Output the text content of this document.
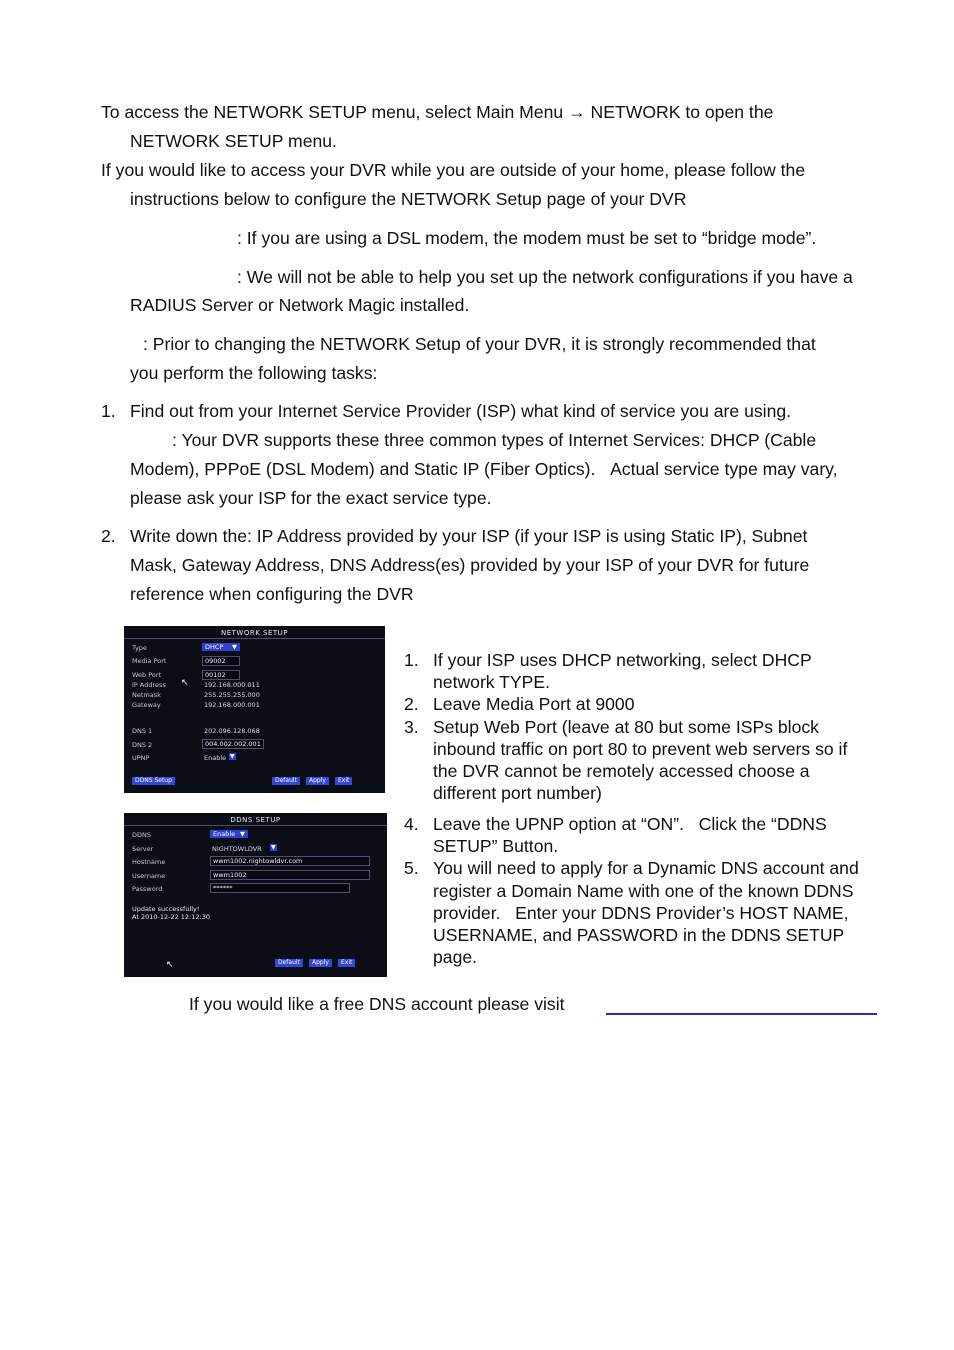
To access the NETWORK SETUP menu, select Main Menu → NETWORK to open the
NETWORK SETUP menu.
If you would like to access your DVR while you are outside of your home, please follow the
instructions below to configure the NETWORK Setup page of your DVR
: If you are using a DSL modem, the modem must be set to “bridge mode”.
: We will not be able to help you set up the network configurations if you have a
RADIUS Server or Network Magic installed.
: Prior to changing the NETWORK Setup of your DVR, it is strongly recommended that
you perform the following tasks:
1. Find out from your Internet Service Provider (ISP) what kind of service you are using.
: Your DVR supports these three common types of Internet Services: DHCP (Cable
Modem), PPPoE (DSL Modem) and Static IP (Fiber Optics).   Actual service type may vary,
please ask your ISP for the exact service type.
2. Write down the: IP Address provided by your ISP (if your ISP is using Static IP), Subnet
Mask, Gateway Address, DNS Address(es) provided by your ISP of your DVR for future
reference when configuring the DVR
NETWORK SETUP
Type	DHCP ▼
Media Port	09002
Web Port	00102
IP Address ↖ 192.168.000.011
Netmask	255.255.255.000
Gateway	192.168.000.001
DNS 1	202.096.128.068
DNS 2	004.002.002.001
UPNP	Enable ▼
DDNS Setup	Default	Apply	Exit
DDNS SETUP
DDNS	Enable ▼
Server	NIGHTOWLDVR ▼
Hostname	wwm1002.nightowldvr.com
Username	wwm1002
Password	******
Update successfully!
At 2010-12-22 12:12:30
↖	Default	Apply	Exit
1. If your ISP uses DHCP networking, select DHCP
network TYPE.
2. Leave Media Port at 9000
3. Setup Web Port (leave at 80 but some ISPs block
inbound traffic on port 80 to prevent web servers so if
the DVR cannot be remotely accessed choose a
different port number)
4. Leave the UPNP option at “ON”.   Click the “DDNS
SETUP” Button.
5. You will need to apply for a Dynamic DNS account and
register a Domain Name with one of the known DDNS
provider.   Enter your DDNS Provider’s HOST NAME,
USERNAME, and PASSWORD in the DDNS SETUP
page.
If you would like a free DNS account please visit
